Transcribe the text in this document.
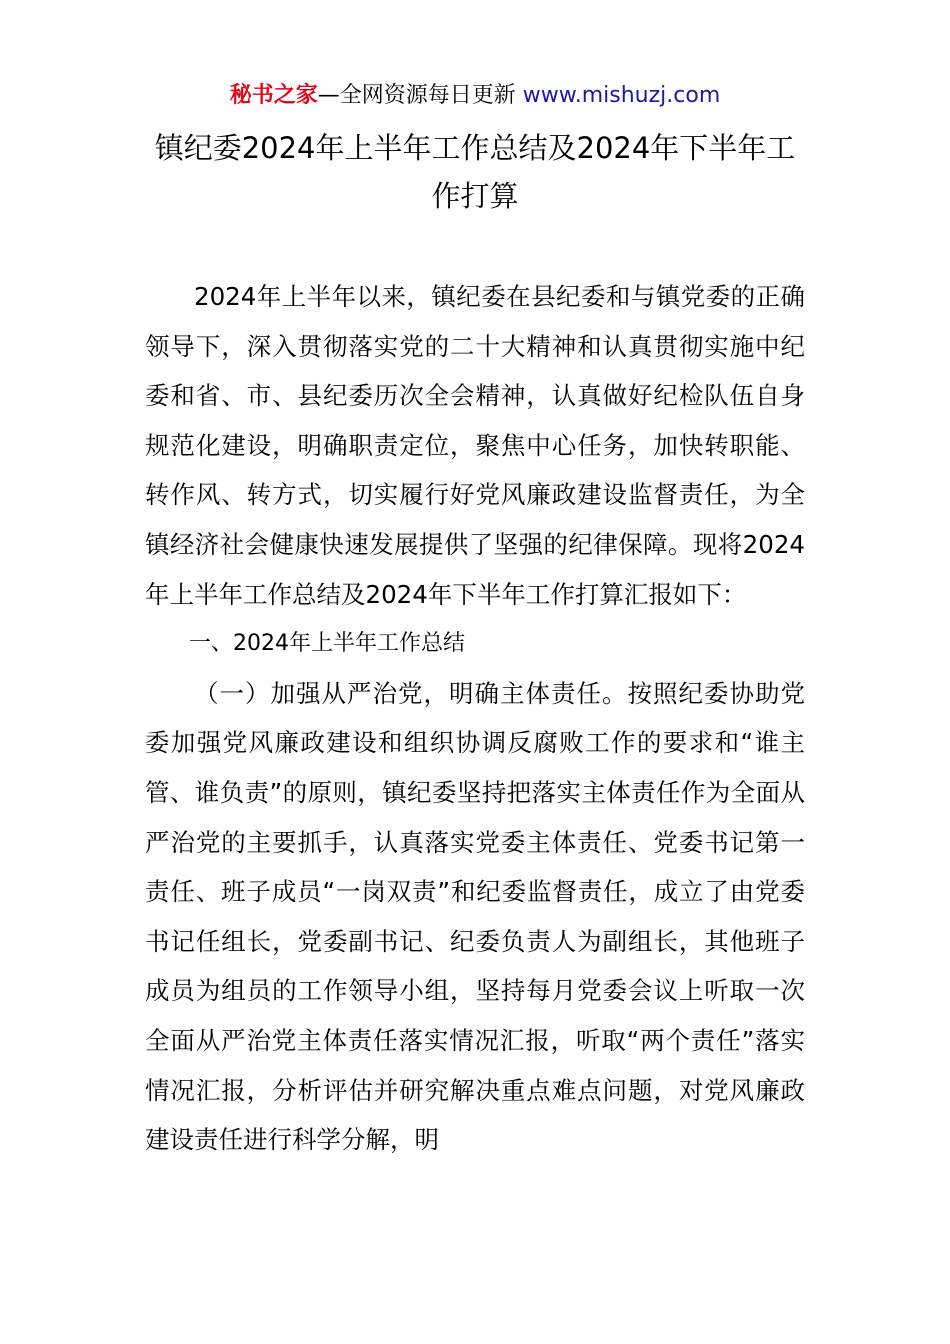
秘书之家—全网资源每日更新 www.mishuzj.com
镇纪委2024年上半年工作总结及2024年下半年工作打算

2024年上半年以来，镇纪委在县纪委和与镇党委的正确领导下，深入贯彻落实党的二十大精神和认真贯彻实施中纪委和省、市、县纪委历次全会精神，认真做好纪检队伍自身规范化建设，明确职责定位，聚焦中心任务，加快转职能、转作风、转方式，切实履行好党风廉政建设监督责任，为全镇经济社会健康快速发展提供了坚强的纪律保障。现将2024年上半年工作总结及2024年下半年工作打算汇报如下：

一、2024年上半年工作总结

（一）加强从严治党，明确主体责任。按照纪委协助党委加强党风廉政建设和组织协调反腐败工作的要求和“谁主管、谁负责”的原则，镇纪委坚持把落实主体责任作为全面从严治党的主要抓手，认真落实党委主体责任、党委书记第一责任、班子成员“一岗双责”和纪委监督责任，成立了由党委书记任组长，党委副书记、纪委负责人为副组长，其他班子成员为组员的工作领导小组，坚持每月党委会议上听取一次全面从严治党主体责任落实情况汇报，听取“两个责任”落实情况汇报，分析评估并研究解决重点难点问题，对党风廉政建设责任进行科学分解，明
